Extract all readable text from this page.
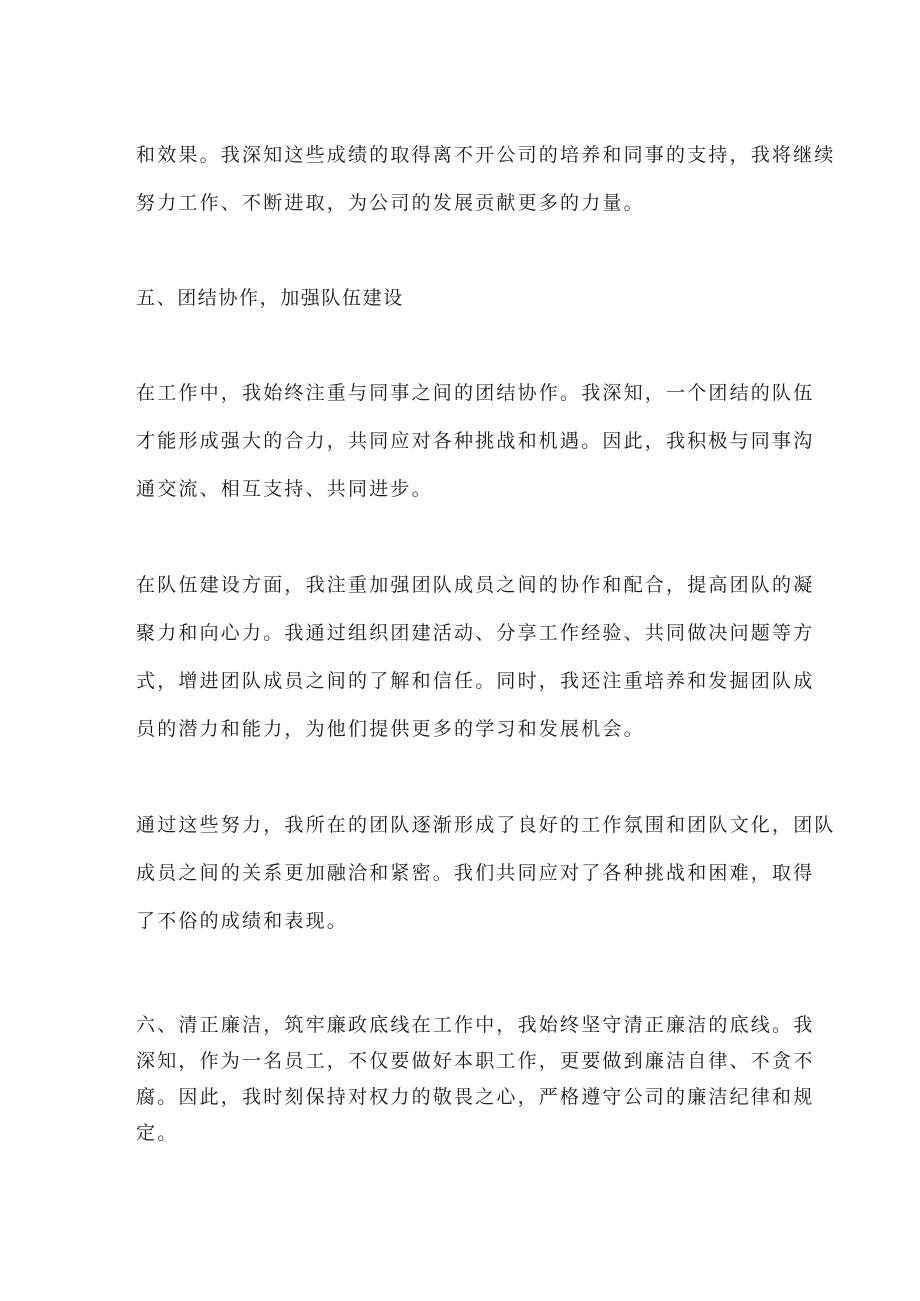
和效果。我深知这些成绩的取得离不开公司的培养和同事的支持，我将继续
努力工作、不断进取，为公司的发展贡献更多的力量。
五、团结协作，加强队伍建设
在工作中，我始终注重与同事之间的团结协作。我深知，一个团结的队伍
才能形成强大的合力，共同应对各种挑战和机遇。因此，我积极与同事沟
通交流、相互支持、共同进步。
在队伍建设方面，我注重加强团队成员之间的协作和配合，提高团队的凝
聚力和向心力。我通过组织团建活动、分享工作经验、共同做决问题等方
式，增进团队成员之间的了解和信任。同时，我还注重培养和发掘团队成
员的潜力和能力，为他们提供更多的学习和发展机会。
通过这些努力，我所在的团队逐渐形成了良好的工作氛围和团队文化，团队
成员之间的关系更加融洽和紧密。我们共同应对了各种挑战和困难，取得
了不俗的成绩和表现。
六、清正廉洁，筑牢廉政底线在工作中，我始终坚守清正廉洁的底线。我
深知，作为一名员工，不仅要做好本职工作，更要做到廉洁自律、不贪不
腐。因此，我时刻保持对权力的敬畏之心，严格遵守公司的廉洁纪律和规
定。
